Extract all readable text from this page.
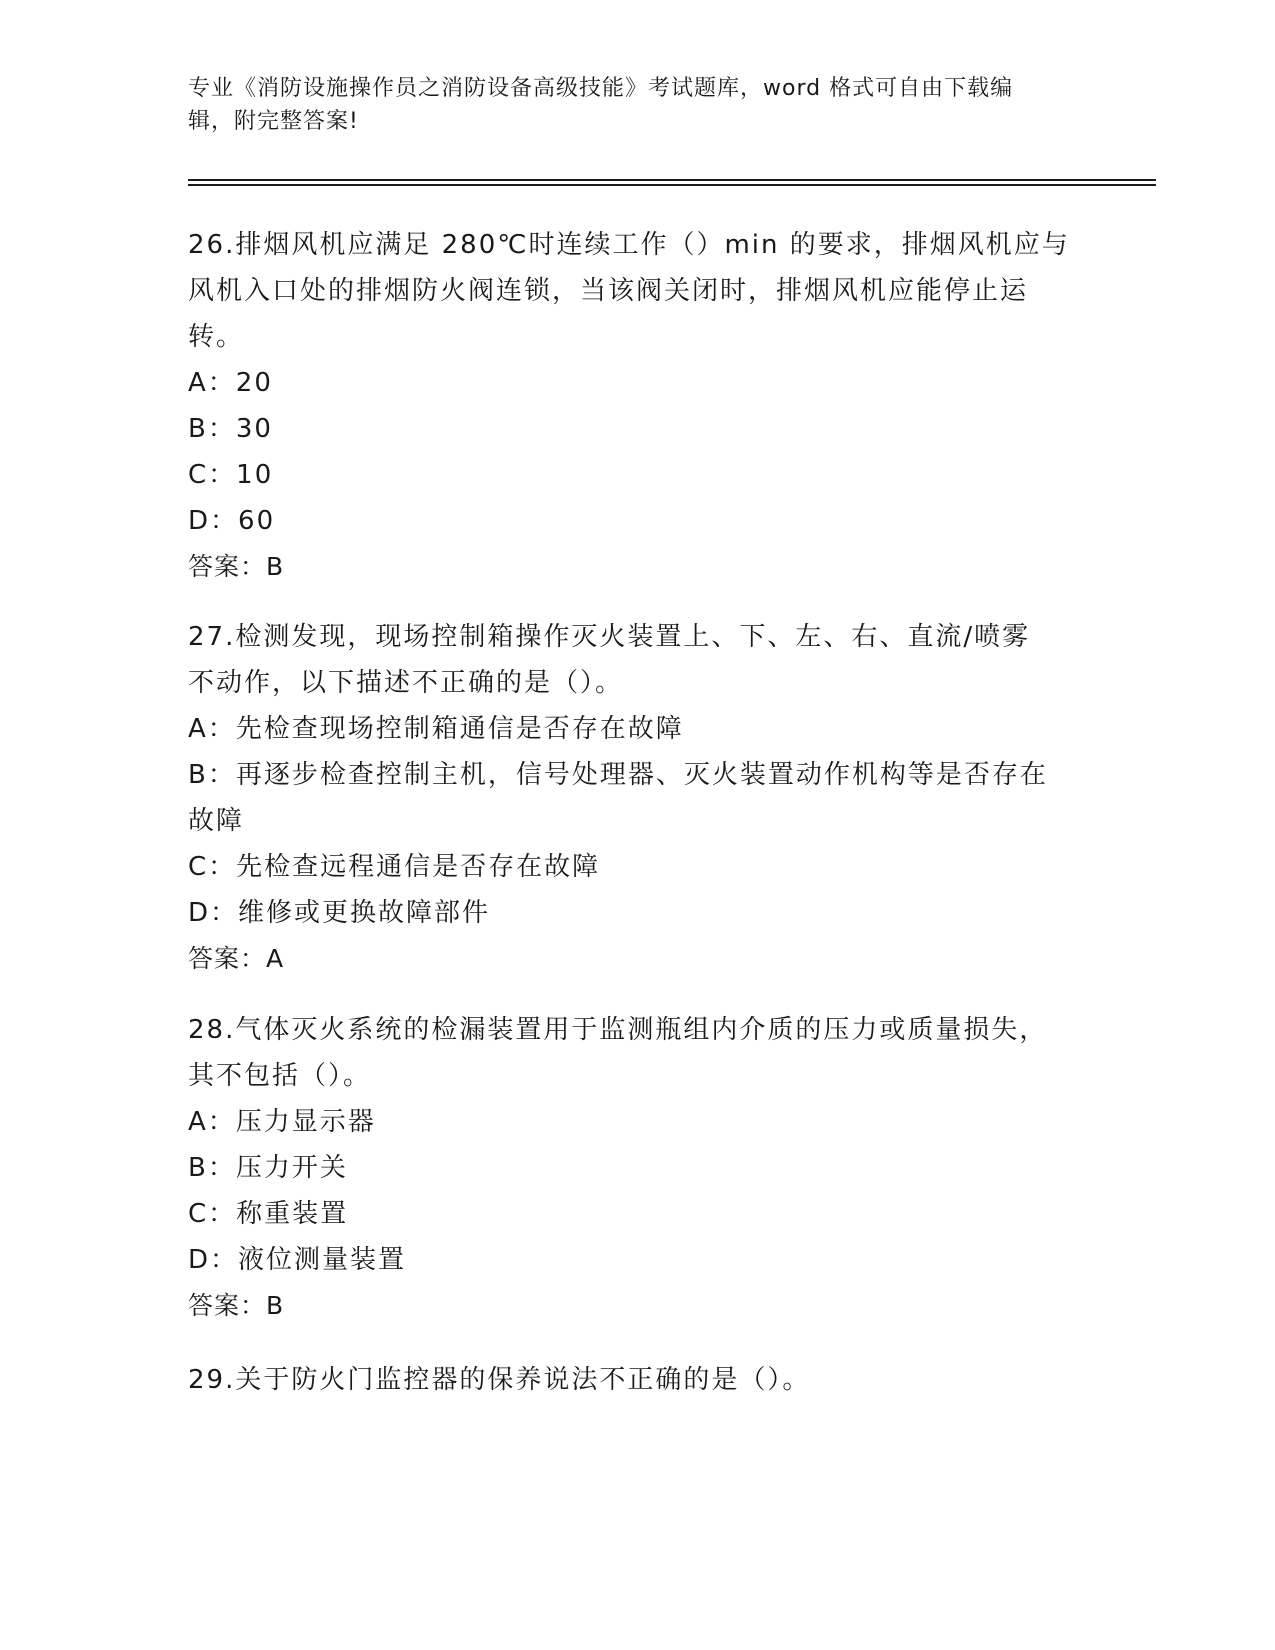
专业《消防设施操作员之消防设备高级技能》考试题库，word 格式可自由下载编
辑，附完整答案!
26.排烟风机应满足 280℃时连续工作（）min 的要求，排烟风机应与
风机入口处的排烟防火阀连锁，当该阀关闭时，排烟风机应能停止运
转。
A：20
B：30
C：10
D：60
答案：B
27.检测发现，现场控制箱操作灭火装置上、下、左、右、直流/喷雾
不动作，以下描述不正确的是（）。
A：先检查现场控制箱通信是否存在故障
B：再逐步检查控制主机，信号处理器、灭火装置动作机构等是否存在
故障
C：先检查远程通信是否存在故障
D：维修或更换故障部件
答案：A
28.气体灭火系统的检漏装置用于监测瓶组内介质的压力或质量损失，
其不包括（）。
A：压力显示器
B：压力开关
C：称重装置
D：液位测量装置
答案：B
29.关于防火门监控器的保养说法不正确的是（）。
